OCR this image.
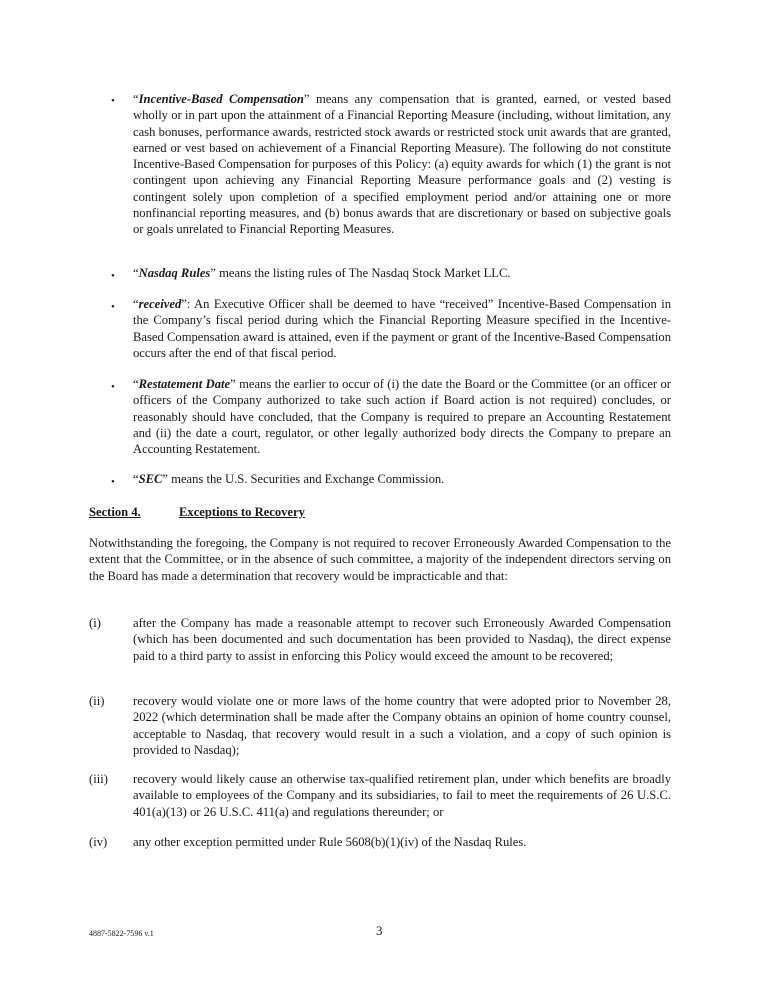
• “Incentive-Based Compensation” means any compensation that is granted, earned, or vested based wholly or in part upon the attainment of a Financial Reporting Measure (including, without limitation, any cash bonuses, performance awards, restricted stock awards or restricted stock unit awards that are granted, earned or vest based on achievement of a Financial Reporting Measure). The following do not constitute Incentive-Based Compensation for purposes of this Policy: (a) equity awards for which (1) the grant is not contingent upon achieving any Financial Reporting Measure performance goals and (2) vesting is contingent solely upon completion of a specified employment period and/or attaining one or more nonfinancial reporting measures, and (b) bonus awards that are discretionary or based on subjective goals or goals unrelated to Financial Reporting Measures.
• “Nasdaq Rules” means the listing rules of The Nasdaq Stock Market LLC.
• “received”: An Executive Officer shall be deemed to have “received” Incentive-Based Compensation in the Company’s fiscal period during which the Financial Reporting Measure specified in the Incentive-Based Compensation award is attained, even if the payment or grant of the Incentive-Based Compensation occurs after the end of that fiscal period.
• “Restatement Date” means the earlier to occur of (i) the date the Board or the Committee (or an officer or officers of the Company authorized to take such action if Board action is not required) concludes, or reasonably should have concluded, that the Company is required to prepare an Accounting Restatement and (ii) the date a court, regulator, or other legally authorized body directs the Company to prepare an Accounting Restatement.
• “SEC” means the U.S. Securities and Exchange Commission.
Section 4.	Exceptions to Recovery
Notwithstanding the foregoing, the Company is not required to recover Erroneously Awarded Compensation to the extent that the Committee, or in the absence of such committee, a majority of the independent directors serving on the Board has made a determination that recovery would be impracticable and that:
(i)	after the Company has made a reasonable attempt to recover such Erroneously Awarded Compensation (which has been documented and such documentation has been provided to Nasdaq), the direct expense paid to a third party to assist in enforcing this Policy would exceed the amount to be recovered;
(ii) recovery would violate one or more laws of the home country that were adopted prior to November 28, 2022 (which determination shall be made after the Company obtains an opinion of home country counsel, acceptable to Nasdaq, that recovery would result in a such a violation, and a copy of such opinion is provided to Nasdaq);
(iii) recovery would likely cause an otherwise tax-qualified retirement plan, under which benefits are broadly available to employees of the Company and its subsidiaries, to fail to meet the requirements of 26 U.S.C. 401(a)(13) or 26 U.S.C. 411(a) and regulations thereunder; or
(iv) any other exception permitted under Rule 5608(b)(1)(iv) of the Nasdaq Rules.
4887-5822-7596 v.1	3
